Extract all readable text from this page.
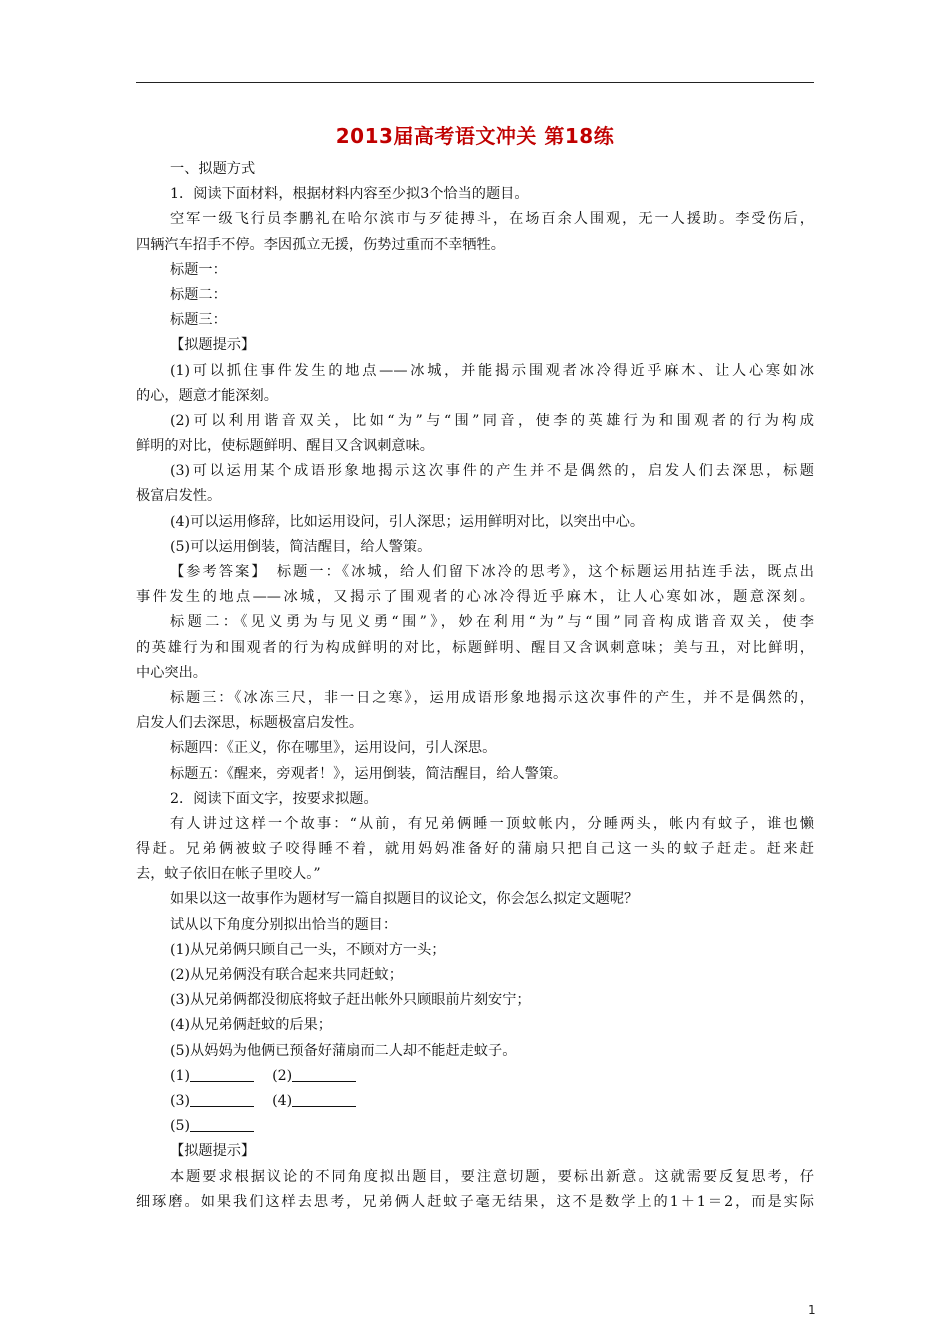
2013届高考语文冲关 第18练
一、拟题方式
1．阅读下面材料，根据材料内容至少拟3个恰当的题目。
空军一级飞行员李鹏礼在哈尔滨市与歹徒搏斗，在场百余人围观，无一人援助。李受伤后，
四辆汽车招手不停。李因孤立无援，伤势过重而不幸牺牲。
标题一：
标题二：
标题三：
【拟题提示】
(1)可以抓住事件发生的地点——冰城，并能揭示围观者冰冷得近乎麻木、让人心寒如冰
的心，题意才能深刻。
(2)可以利用谐音双关，比如“为”与“围”同音，使李的英雄行为和围观者的行为构成
鲜明的对比，使标题鲜明、醒目又含讽刺意味。
(3)可以运用某个成语形象地揭示这次事件的产生并不是偶然的，启发人们去深思，标题
极富启发性。
(4)可以运用修辞，比如运用设问，引人深思；运用鲜明对比，以突出中心。
(5)可以运用倒装，简洁醒目，给人警策。
【参考答案】　标题一：《冰城，给人们留下冰冷的思考》，这个标题运用拈连手法，既点出
事件发生的地点——冰城，又揭示了围观者的心冰冷得近乎麻木，让人心寒如冰，题意深刻。
标题二：《见义勇为与见义勇“围”》，妙在利用“为”与“围”同音构成谐音双关，使李
的英雄行为和围观者的行为构成鲜明的对比，标题鲜明、醒目又含讽刺意味；美与丑，对比鲜明，
中心突出。
标题三：《冰冻三尺，非一日之寒》，运用成语形象地揭示这次事件的产生，并不是偶然的，
启发人们去深思，标题极富启发性。
标题四：《正义，你在哪里》，运用设问，引人深思。
标题五：《醒来，旁观者！》，运用倒装，简洁醒目，给人警策。
2．阅读下面文字，按要求拟题。
有人讲过这样一个故事：“从前，有兄弟俩睡一顶蚊帐内，分睡两头，帐内有蚊子，谁也懒
得赶。兄弟俩被蚊子咬得睡不着，就用妈妈准备好的蒲扇只把自己这一头的蚊子赶走。赶来赶
去，蚊子依旧在帐子里咬人。”
如果以这一故事作为题材写一篇自拟题目的议论文，你会怎么拟定文题呢？
试从以下角度分别拟出恰当的题目：
(1)从兄弟俩只顾自己一头，不顾对方一头；
(2)从兄弟俩没有联合起来共同赶蚊；
(3)从兄弟俩都没彻底将蚊子赶出帐外只顾眼前片刻安宁；
(4)从兄弟俩赶蚊的后果；
(5)从妈妈为他俩已预备好蒲扇而二人却不能赶走蚊子。
(1)	(2)
(3)	(4)
(5)
【拟题提示】
本题要求根据议论的不同角度拟出题目，要注意切题，要标出新意。这就需要反复思考，仔
细琢磨。如果我们这样去思考，兄弟俩人赶蚊子毫无结果，这不是数学上的1＋1＝2，而是实际
1
